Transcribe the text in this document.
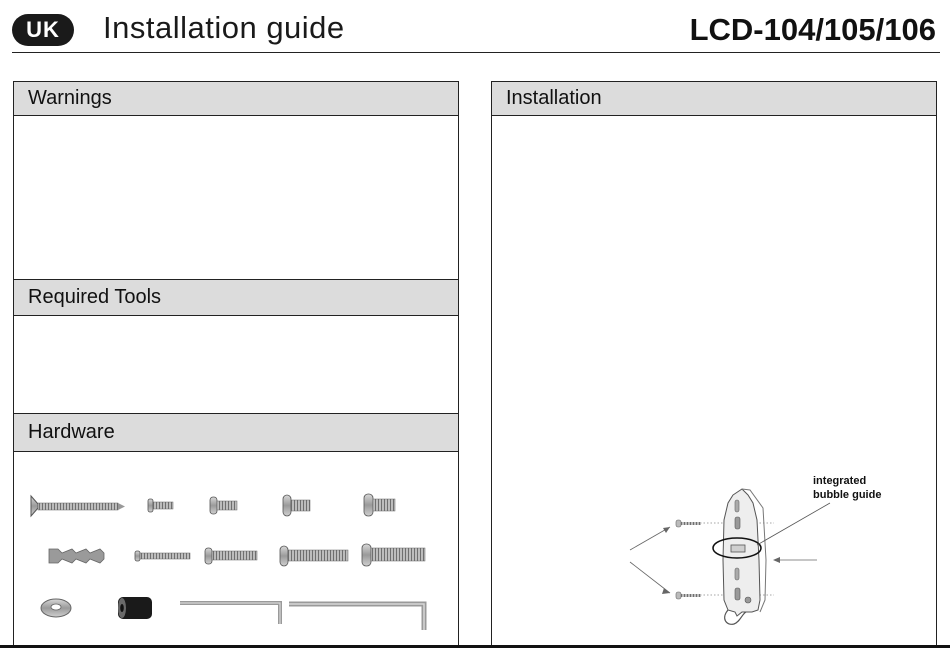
UK	Installation guide	LCD-104/105/106
Warnings
Required Tools
Hardware
Installation
integrated
bubble guide
